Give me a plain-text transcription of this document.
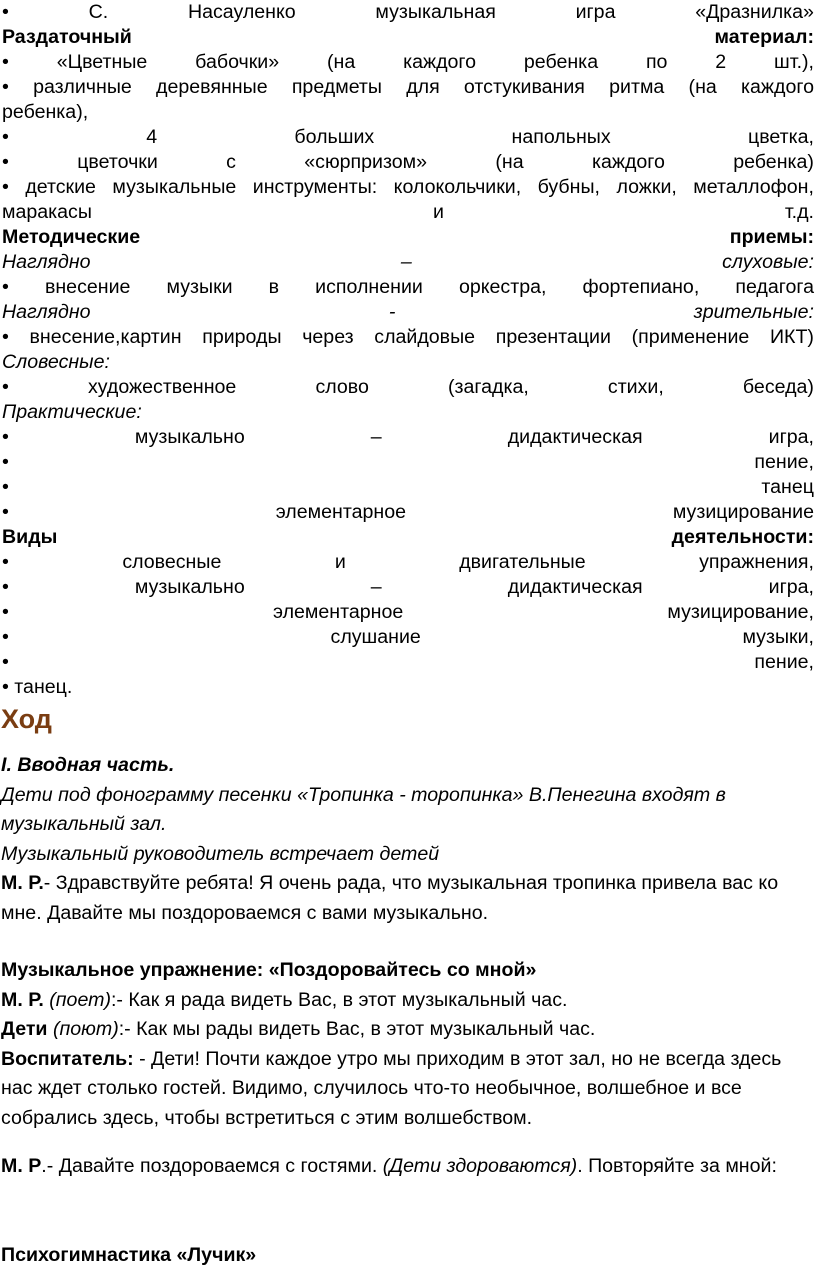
•	С.	Насауленко	музыкальная	игра	«Дразнилка»
Раздаточный	материал:
• «Цветные бабочки» (на каждого ребенка по 2 шт.),
• различные деревянные предметы для отстукивания ритма (на каждого
ребенка),
•	4	больших	напольных	цветка,
•	цветочки	с	«сюрпризом»	(на	каждого	ребенка)
• детские музыкальные инструменты: колокольчики, бубны, ложки, металлофон,
маракасы	и	т.д.
Методические	приемы:
Наглядно	–	слуховые:
• внесение музыки в исполнении оркестра, фортепиано, педагога
Наглядно	-	зрительные:
• внесение,картин природы через слайдовые презентации (применение ИКТ)
Словесные:
•	художественное	слово	(загадка,	стихи,	беседа)
Практические:
•	музыкально	–	дидактическая	игра,
•	пение,
•	танец
•	элементарное	музицирование
Виды	деятельности:
•	словесные	и	двигательные	упражнения,
•	музыкально	–	дидактическая	игра,
•	элементарное	музицирование,
•	слушание	музыки,
•	пение,
• танец.
Ход
I. Вводная часть.
Дети под фонограмму песенки «Тропинка - торопинка» В.Пенегина входят в музыкальный зал.
Музыкальный руководитель встречает детей
М. Р.- Здравствуйте ребята! Я очень рада, что музыкальная тропинка привела вас ко мне. Давайте мы поздороваемся с вами музыкально.
Музыкальное упражнение: «Поздоровайтесь со мной»
М. Р. (поет):- Как я рада видеть Вас, в этот музыкальный час.
Дети (поют):- Как мы рады видеть Вас, в этот музыкальный час.
Воспитатель: - Дети! Почти каждое утро мы приходим в этот зал, но не всегда здесь нас ждет столько гостей. Видимо, случилось что-то необычное, волшебное и все собрались здесь, чтобы встретиться с этим волшебством.
М. Р.- Давайте поздороваемся с гостями. (Дети здороваются). Повторяйте за мной:
Психогимнастика «Лучик»
